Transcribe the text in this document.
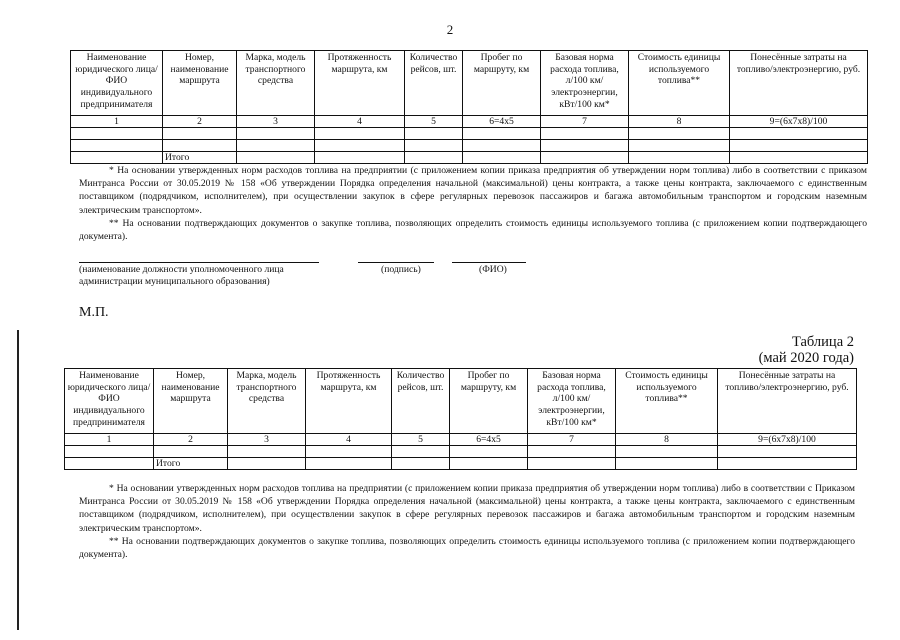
2
Наименование юридического лица/ФИО индивидуального предпринимателя	Номер, наименование маршрута	Марка, модель транспортного средства	Протяженность маршрута, км	Количество рейсов, шт.	Пробег по маршруту, км	Базовая норма расхода топлива, л/100 км/электроэнергии, кВт/100 км*	Стоимость единицы используемого топлива**	Понесённые затраты на топливо/электроэнергию, руб.
1	2	3	4	5	6=4x5	7	8	9=(6x7x8)/100

	Итого							

* На основании утвержденных норм расходов топлива на предприятии (с приложением копии приказа предприятия об утверждении норм топлива) либо в соответствии с приказом Минтранса России от 30.05.2019 № 158 «Об утверждении Порядка определения начальной (максимальной) цены контракта, а также цены контракта, заключаемого с единственным поставщиком (подрядчиком, исполнителем), при осуществлении закупок в сфере регулярных перевозок пассажиров и багажа автомобильным транспортом и городским наземным электрическим транспортом».

** На основании подтверждающих документов о закупке топлива, позволяющих определить стоимость единицы используемого топлива (с приложением копии подтверждающего документа).

(наименование должности уполномоченного лица администрации муниципального образования)
(подпись)	(ФИО)
М.П.
Таблица 2
(май 2020 года)
Наименование юридического лица/ФИО индивидуального предпринимателя	Номер, наименование маршрута	Марка, модель транспортного средства	Протяженность маршрута, км	Количество рейсов, шт.	Пробег по маршруту, км	Базовая норма расхода топлива, л/100 км/электроэнергии, кВт/100 км*	Стоимость единицы используемого топлива**	Понесённые затраты на топливо/электроэнергию, руб.
1	2	3	4	5	6=4x5	7	8	9=(6x7x8)/100

	Итого							

* На основании утвержденных норм расходов топлива на предприятии (с приложением копии приказа предприятия об утверждении норм топлива) либо в соответствии с Приказом Минтранса России от 30.05.2019 № 158 «Об утверждении Порядка определения начальной (максимальной) цены контракта, а также цены контракта, заключаемого с единственным поставщиком (подрядчиком, исполнителем), при осуществлении закупок в сфере регулярных перевозок пассажиров и багажа автомобильным транспортом и городским наземным электрическим транспортом».

** На основании подтверждающих документов о закупке топлива, позволяющих определить стоимость единицы используемого топлива (с приложением копии подтверждающего документа).
